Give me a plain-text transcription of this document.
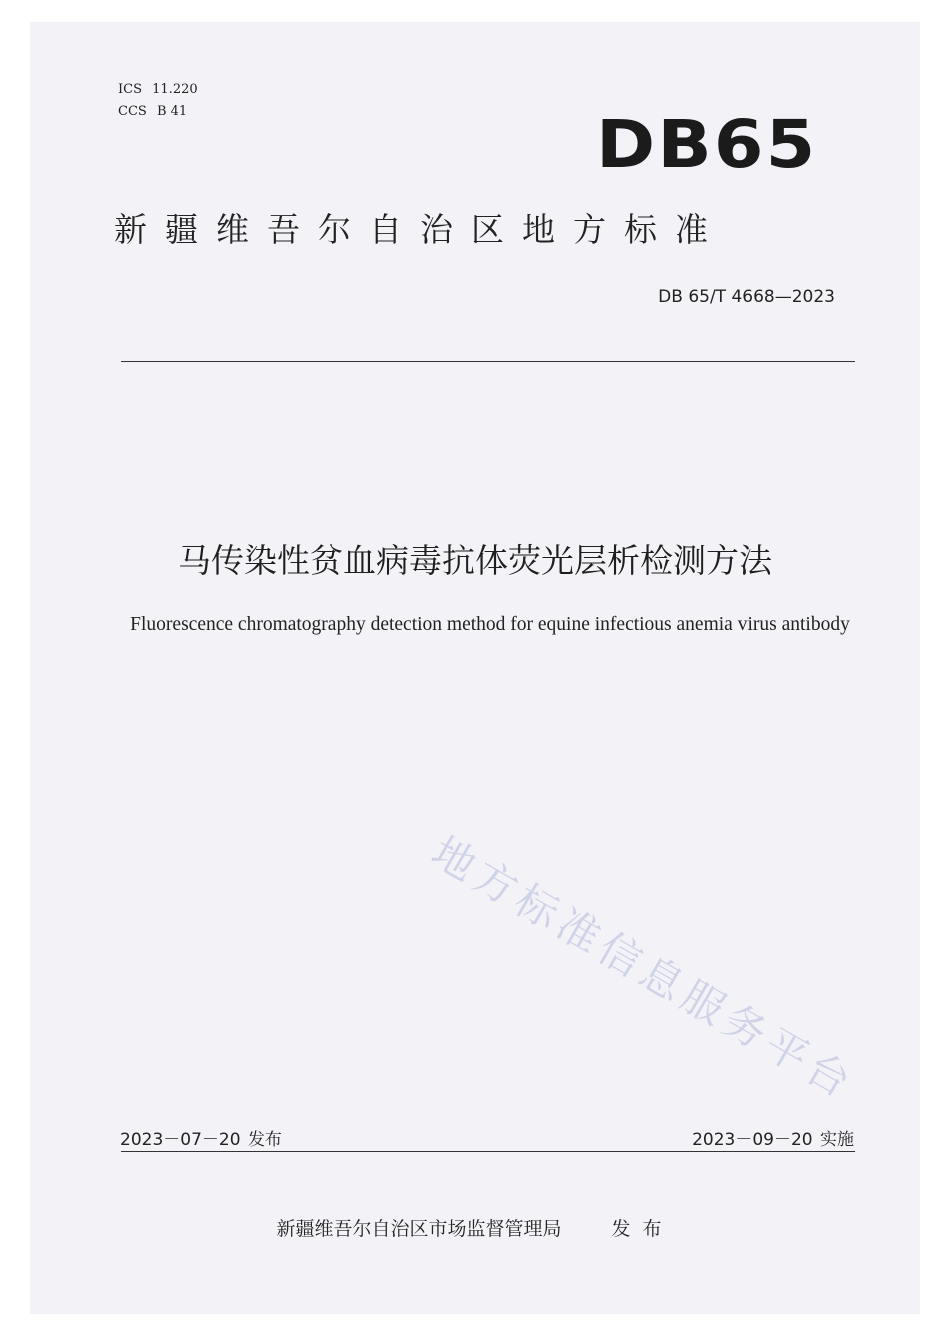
ICS 11.220
CCS B 41	DB65
新疆维吾尔自治区地方标准
DB 65/T 4668—2023
马传染性贫血病毒抗体荧光层析检测方法
Fluorescence chromatography detection method for equine infectious anemia virus antibody
地方标准信息服务平台
2023－07－20 发布	2023－09－20 实施
新疆维吾尔自治区市场监督管理局	发布
